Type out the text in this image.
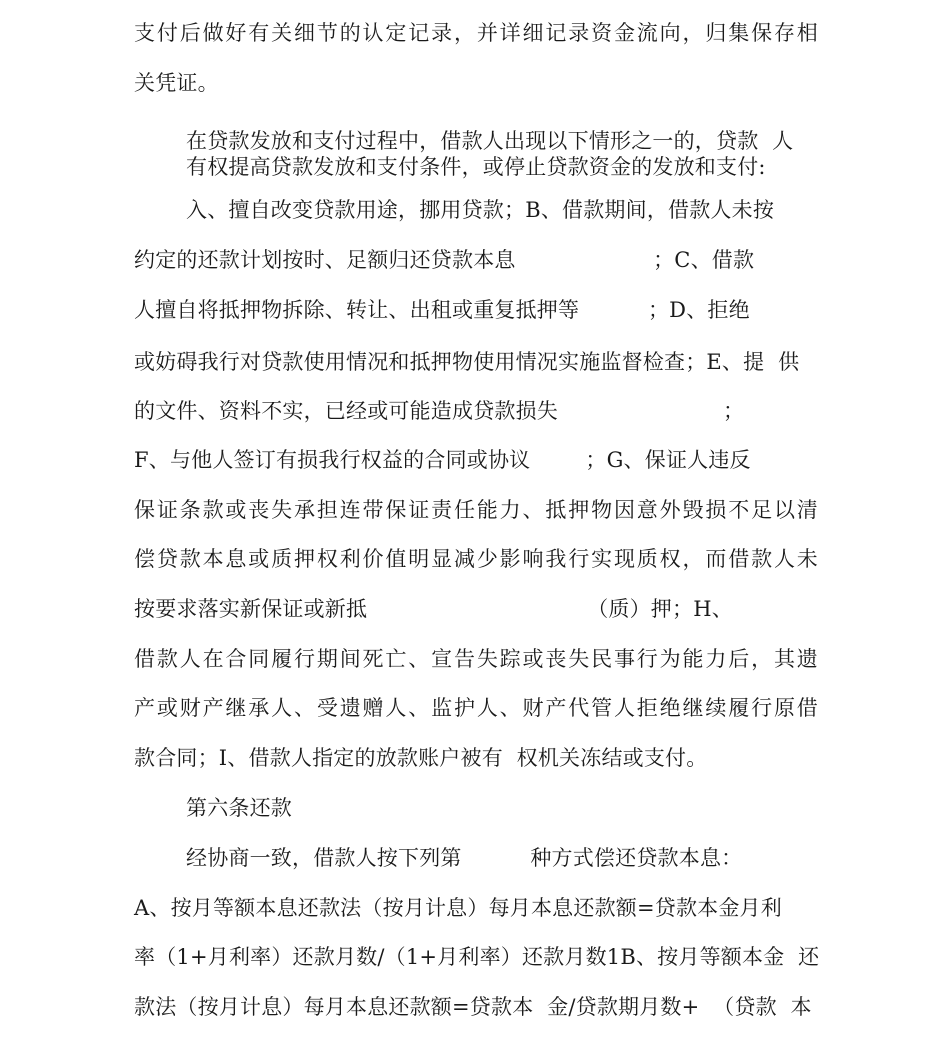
支付后做好有关细节的认定记录，并详细记录资金流向，归集保存相
关凭证。
在贷款发放和支付过程中，借款人出现以下情形之一的，贷款  人
有权提高贷款发放和支付条件，或停止贷款资金的发放和支付:
入、擅自改变贷款用途，挪用贷款；B、借款期间，借款人未按
约定的还款计划按时、足额归还贷款本息                    ；C、借款
人擅自将抵押物拆除、转让、出租或重复抵押等          ；D、拒绝
或妨碍我行对贷款使用情况和抵押物使用情况实施监督检查；E、提  供
的文件、资料不实，已经或可能造成贷款损失                        ；
F、与他人签订有损我行权益的合同或协议        ；G、保证人违反
保证条款或丧失承担连带保证责任能力、抵押物因意外毁损不足以清
偿贷款本息或质押权利价值明显减少影响我行实现质权，而借款人未
按要求落实新保证或新抵                                （质）押；H、
借款人在合同履行期间死亡、宣告失踪或丧失民事行为能力后，其遗
产或财产继承人、受遗赠人、监护人、财产代管人拒绝继续履行原借
款合同；I、借款人指定的放款账户被有  权机关冻结或支付。
第六条还款
经协商一致，借款人按下列第          种方式偿还贷款本息：
A、按月等额本息还款法（按月计息）每月本息还款额=贷款本金月利
率（1+月利率）还款月数/（1+月利率）还款月数1B、按月等额本金  还
款法（按月计息）每月本息还款额=贷款本  金/贷款期月数+  （贷款  本
